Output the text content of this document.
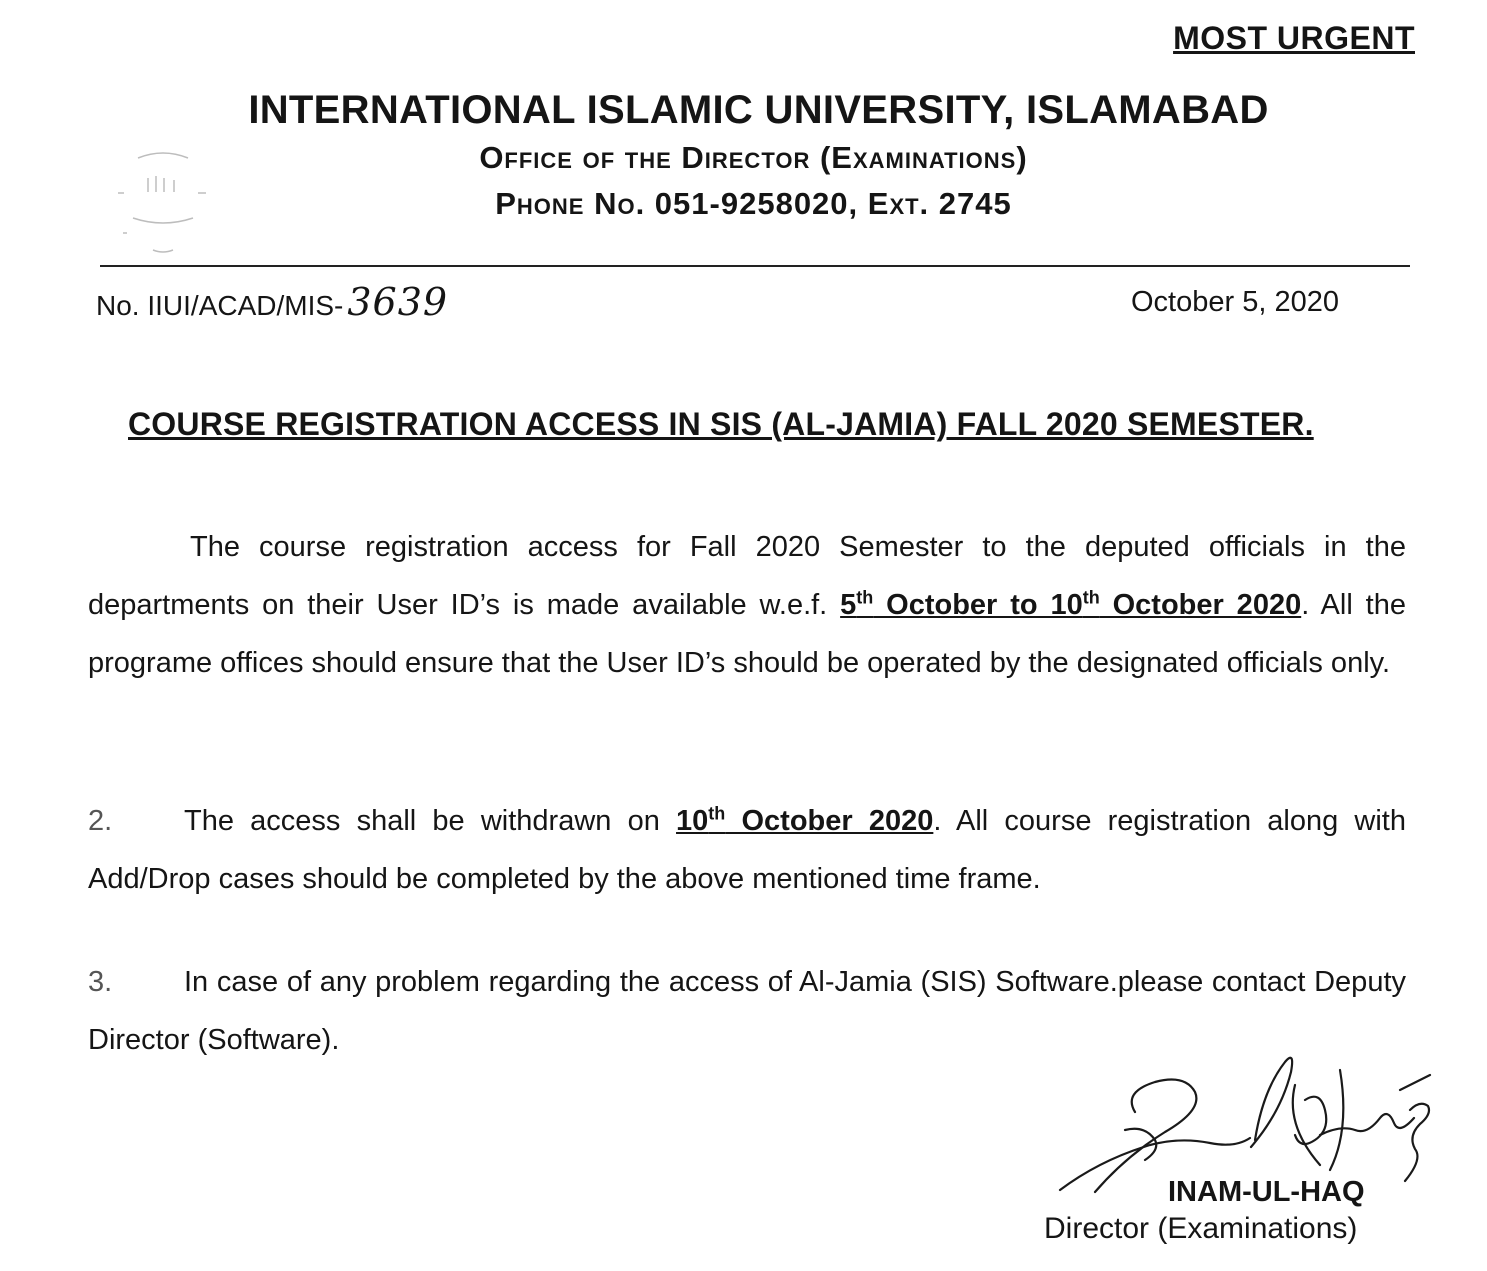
MOST URGENT
INTERNATIONAL ISLAMIC UNIVERSITY, ISLAMABAD
Office of the Director (Examinations)
Phone No. 051-9258020, Ext. 2745
No. IIUI/ACAD/MIS- 3639	October 5, 2020
COURSE REGISTRATION ACCESS IN SIS (AL-JAMIA) FALL 2020 SEMESTER.
The course registration access for Fall 2020 Semester to the deputed officials in the departments on their User ID’s is made available w.e.f. 5th October to 10th October 2020. All the programe offices should ensure that the User ID’s should be operated by the designated officials only.
2. The access shall be withdrawn on 10th October 2020. All course registration along with Add/Drop cases should be completed by the above mentioned time frame.
3. In case of any problem regarding the access of Al-Jamia (SIS) Software.please contact Deputy Director (Software).
INAM-UL-HAQ
Director (Examinations)
